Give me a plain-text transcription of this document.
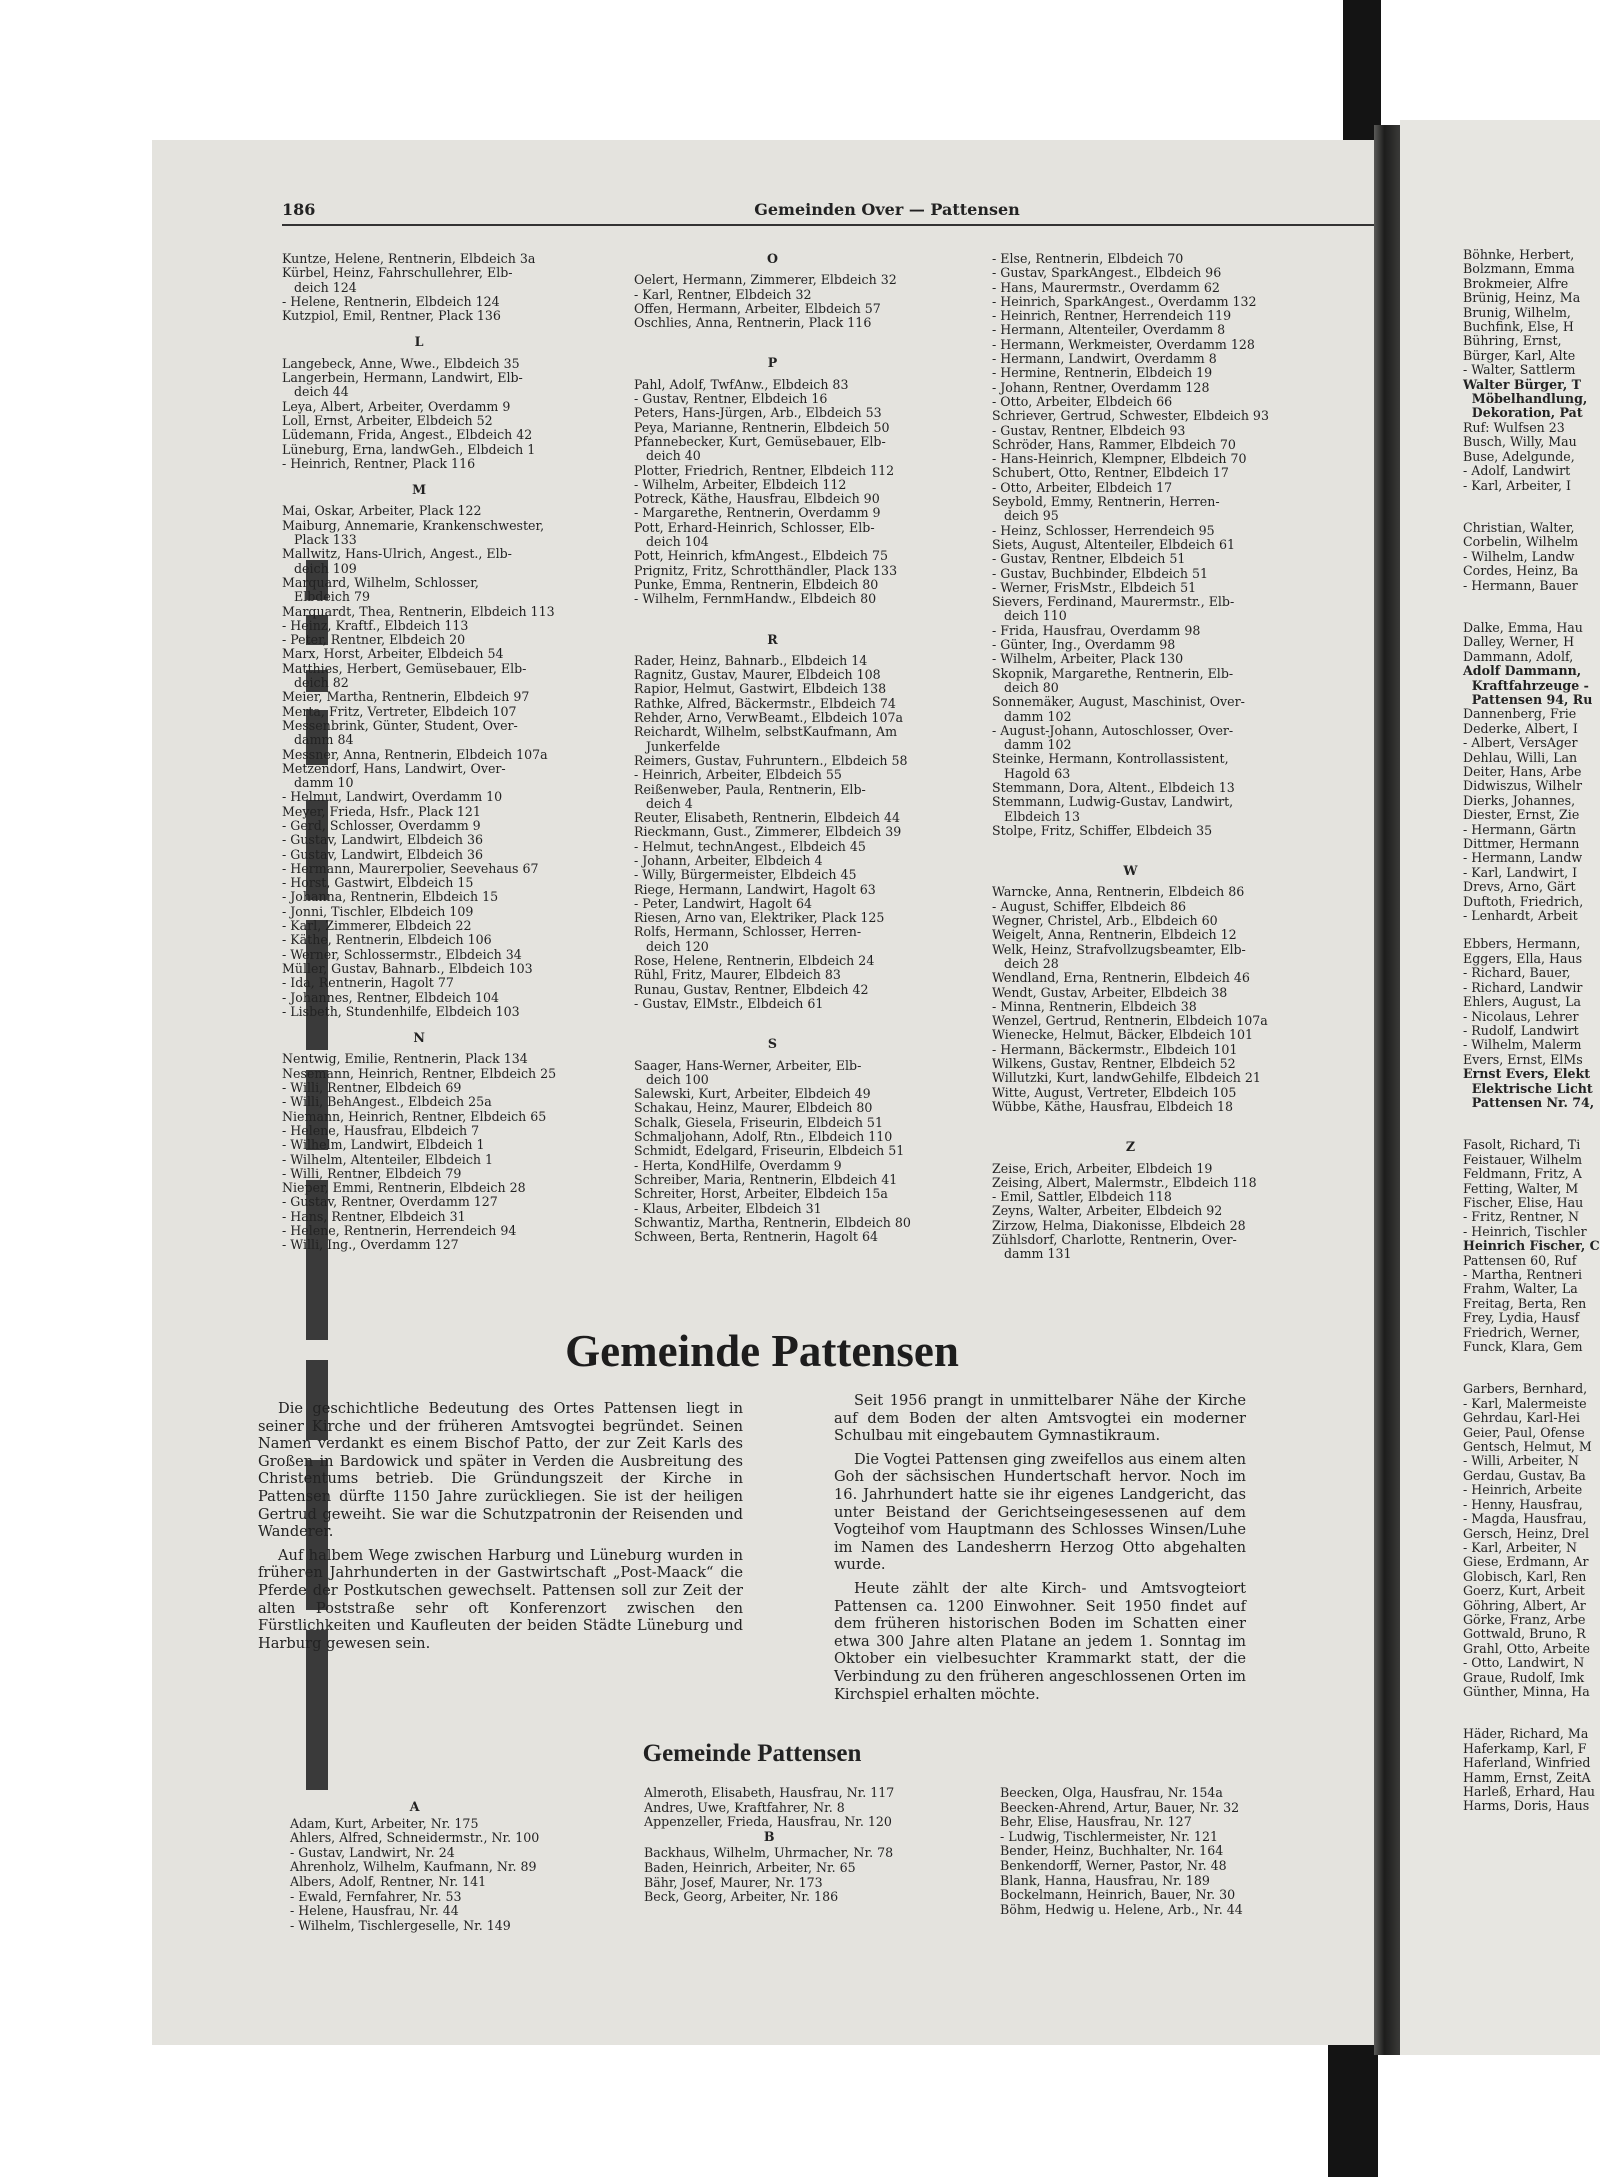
Böhnke, Herbert,
Bolzmann, Emma
Brokmeier, Alfre
Brünig, Heinz, Ma
Brunig, Wilhelm,
Buchfink, Else, H
Bühring, Ernst,
Bürger, Karl, Alte
- Walter, Sattlerm
Walter Bürger, T
Möbelhandlung,
Dekoration, Pat
Ruf: Wulfsen 23
Busch, Willy, Mau
Buse, Adelgunde,
- Adolf, Landwirt
- Karl, Arbeiter, I
Christian, Walter,
Corbelin, Wilhelm
- Wilhelm, Landw
Cordes, Heinz, Ba
- Hermann, Bauer
Dalke, Emma, Hau
Dalley, Werner, H
Dammann, Adolf,
Adolf Dammann,
Kraftfahrzeuge -
Pattensen 94, Ru
Dannenberg, Frie
Dederke, Albert, I
- Albert, VersAger
Dehlau, Willi, Lan
Deiter, Hans, Arbe
Didwiszus, Wilhelr
Dierks, Johannes,
Diester, Ernst, Zie
- Hermann, Gärtn
Dittmer, Hermann
- Hermann, Landw
- Karl, Landwirt, I
Drevs, Arno, Gärt
Duftoth, Friedrich,
- Lenhardt, Arbeit
Ebbers, Hermann,
Eggers, Ella, Haus
- Richard, Bauer,
- Richard, Landwir
Ehlers, August, La
- Nicolaus, Lehrer
- Rudolf, Landwirt
- Wilhelm, Malerm
Evers, Ernst, ElMs
Ernst Evers, Elekt
Elektrische Licht
Pattensen Nr. 74,
Fasolt, Richard, Ti
Feistauer, Wilhelm
Feldmann, Fritz, A
Fetting, Walter, M
Fischer, Elise, Hau
- Fritz, Rentner, N
- Heinrich, Tischler
Heinrich Fischer, C
Pattensen 60, Ruf
- Martha, Rentneri
Frahm, Walter, La
Freitag, Berta, Ren
Frey, Lydia, Hausf
Friedrich, Werner,
Funck, Klara, Gem
Garbers, Bernhard,
- Karl, Malermeiste
Gehrdau, Karl-Hei
Geier, Paul, Ofense
Gentsch, Helmut, M
- Willi, Arbeiter, N
Gerdau, Gustav, Ba
- Heinrich, Arbeite
- Henny, Hausfrau,
- Magda, Hausfrau,
Gersch, Heinz, Drel
- Karl, Arbeiter, N
Giese, Erdmann, Ar
Globisch, Karl, Ren
Goerz, Kurt, Arbeit
Göhring, Albert, Ar
Görke, Franz, Arbe
Gottwald, Bruno, R
Grahl, Otto, Arbeite
- Otto, Landwirt, N
Graue, Rudolf, Imk
Günther, Minna, Ha
Häder, Richard, Ma
Haferkamp, Karl, F
Haferland, Winfried
Hamm, Ernst, ZeitA
Harleß, Erhard, Hau
Harms, Doris, Haus
186	Gemeinden Over — Pattensen
Kuntze, Helene, Rentnerin, Elbdeich 3a
Kürbel, Heinz, Fahrschullehrer, Elb-
deich 124
- Helene, Rentnerin, Elbdeich 124
Kutzpiol, Emil, Rentner, Plack 136
L
Langebeck, Anne, Wwe., Elbdeich 35
Langerbein, Hermann, Landwirt, Elb-
deich 44
Leya, Albert, Arbeiter, Overdamm 9
Loll, Ernst, Arbeiter, Elbdeich 52
Lüdemann, Frida, Angest., Elbdeich 42
Lüneburg, Erna, landwGeh., Elbdeich 1
- Heinrich, Rentner, Plack 116
M
Mai, Oskar, Arbeiter, Plack 122
Maiburg, Annemarie, Krankenschwester,
Plack 133
Mallwitz, Hans-Ulrich, Angest., Elb-
deich 109
Marquard, Wilhelm, Schlosser,
Elbdeich 79
Marquardt, Thea, Rentnerin, Elbdeich 113
- Heinz, Kraftf., Elbdeich 113
- Peter, Rentner, Elbdeich 20
Marx, Horst, Arbeiter, Elbdeich 54
Matthies, Herbert, Gemüsebauer, Elb-
deich 82
Meier, Martha, Rentnerin, Elbdeich 97
Merta, Fritz, Vertreter, Elbdeich 107
Messenbrink, Günter, Student, Over-
damm 84
Messner, Anna, Rentnerin, Elbdeich 107a
Metzendorf, Hans, Landwirt, Over-
damm 10
- Helmut, Landwirt, Overdamm 10
Meyer, Frieda, Hsfr., Plack 121
- Gerd, Schlosser, Overdamm 9
- Gustav, Landwirt, Elbdeich 36
- Gustav, Landwirt, Elbdeich 36
- Hermann, Maurerpolier, Seevehaus 67
- Horst, Gastwirt, Elbdeich 15
- Johanna, Rentnerin, Elbdeich 15
- Jonni, Tischler, Elbdeich 109
- Karl, Zimmerer, Elbdeich 22
- Käthe, Rentnerin, Elbdeich 106
- Werner, Schlossermstr., Elbdeich 34
Müller, Gustav, Bahnarb., Elbdeich 103
- Ida, Rentnerin, Hagolt 77
- Johannes, Rentner, Elbdeich 104
- Lisbeth, Stundenhilfe, Elbdeich 103
N
Nentwig, Emilie, Rentnerin, Plack 134
Nesemann, Heinrich, Rentner, Elbdeich 25
- Willi, Rentner, Elbdeich 69
- Willi, BehAngest., Elbdeich 25a
Niemann, Heinrich, Rentner, Elbdeich 65
- Helene, Hausfrau, Elbdeich 7
- Wilhelm, Landwirt, Elbdeich 1
- Wilhelm, Altenteiler, Elbdeich 1
- Willi, Rentner, Elbdeich 79
Nieper, Emmi, Rentnerin, Elbdeich 28
- Gustav, Rentner, Overdamm 127
- Hans, Rentner, Elbdeich 31
- Helene, Rentnerin, Herrendeich 94
- Willi, Ing., Overdamm 127
O
Oelert, Hermann, Zimmerer, Elbdeich 32
- Karl, Rentner, Elbdeich 32
Offen, Hermann, Arbeiter, Elbdeich 57
Oschlies, Anna, Rentnerin, Plack 116
P
Pahl, Adolf, TwfAnw., Elbdeich 83
- Gustav, Rentner, Elbdeich 16
Peters, Hans-Jürgen, Arb., Elbdeich 53
Peya, Marianne, Rentnerin, Elbdeich 50
Pfannebecker, Kurt, Gemüsebauer, Elb-
deich 40
Plotter, Friedrich, Rentner, Elbdeich 112
- Wilhelm, Arbeiter, Elbdeich 112
Potreck, Käthe, Hausfrau, Elbdeich 90
- Margarethe, Rentnerin, Overdamm 9
Pott, Erhard-Heinrich, Schlosser, Elb-
deich 104
Pott, Heinrich, kfmAngest., Elbdeich 75
Prignitz, Fritz, Schrotthändler, Plack 133
Punke, Emma, Rentnerin, Elbdeich 80
- Wilhelm, FernmHandw., Elbdeich 80
R
Rader, Heinz, Bahnarb., Elbdeich 14
Ragnitz, Gustav, Maurer, Elbdeich 108
Rapior, Helmut, Gastwirt, Elbdeich 138
Rathke, Alfred, Bäckermstr., Elbdeich 74
Rehder, Arno, VerwBeamt., Elbdeich 107a
Reichardt, Wilhelm, selbstKaufmann, Am
Junkerfelde
Reimers, Gustav, Fuhruntern., Elbdeich 58
- Heinrich, Arbeiter, Elbdeich 55
Reißenweber, Paula, Rentnerin, Elb-
deich 4
Reuter, Elisabeth, Rentnerin, Elbdeich 44
Rieckmann, Gust., Zimmerer, Elbdeich 39
- Helmut, technAngest., Elbdeich 45
- Johann, Arbeiter, Elbdeich 4
- Willy, Bürgermeister, Elbdeich 45
Riege, Hermann, Landwirt, Hagolt 63
- Peter, Landwirt, Hagolt 64
Riesen, Arno van, Elektriker, Plack 125
Rolfs, Hermann, Schlosser, Herren-
deich 120
Rose, Helene, Rentnerin, Elbdeich 24
Rühl, Fritz, Maurer, Elbdeich 83
Runau, Gustav, Rentner, Elbdeich 42
- Gustav, ElMstr., Elbdeich 61
S
Saager, Hans-Werner, Arbeiter, Elb-
deich 100
Salewski, Kurt, Arbeiter, Elbdeich 49
Schakau, Heinz, Maurer, Elbdeich 80
Schalk, Giesela, Friseurin, Elbdeich 51
Schmaljohann, Adolf, Rtn., Elbdeich 110
Schmidt, Edelgard, Friseurin, Elbdeich 51
- Herta, KondHilfe, Overdamm 9
Schreiber, Maria, Rentnerin, Elbdeich 41
Schreiter, Horst, Arbeiter, Elbdeich 15a
- Klaus, Arbeiter, Elbdeich 31
Schwantiz, Martha, Rentnerin, Elbdeich 80
Schween, Berta, Rentnerin, Hagolt 64
- Else, Rentnerin, Elbdeich 70
- Gustav, SparkAngest., Elbdeich 96
- Hans, Maurermstr., Overdamm 62
- Heinrich, SparkAngest., Overdamm 132
- Heinrich, Rentner, Herrendeich 119
- Hermann, Altenteiler, Overdamm 8
- Hermann, Werkmeister, Overdamm 128
- Hermann, Landwirt, Overdamm 8
- Hermine, Rentnerin, Elbdeich 19
- Johann, Rentner, Overdamm 128
- Otto, Arbeiter, Elbdeich 66
Schriever, Gertrud, Schwester, Elbdeich 93
- Gustav, Rentner, Elbdeich 93
Schröder, Hans, Rammer, Elbdeich 70
- Hans-Heinrich, Klempner, Elbdeich 70
Schubert, Otto, Rentner, Elbdeich 17
- Otto, Arbeiter, Elbdeich 17
Seybold, Emmy, Rentnerin, Herren-
deich 95
- Heinz, Schlosser, Herrendeich 95
Siets, August, Altenteiler, Elbdeich 61
- Gustav, Rentner, Elbdeich 51
- Gustav, Buchbinder, Elbdeich 51
- Werner, FrisMstr., Elbdeich 51
Sievers, Ferdinand, Maurermstr., Elb-
deich 110
- Frida, Hausfrau, Overdamm 98
- Günter, Ing., Overdamm 98
- Wilhelm, Arbeiter, Plack 130
Skopnik, Margarethe, Rentnerin, Elb-
deich 80
Sonnemäker, August, Maschinist, Over-
damm 102
- August-Johann, Autoschlosser, Over-
damm 102
Steinke, Hermann, Kontrollassistent,
Hagold 63
Stemmann, Dora, Altent., Elbdeich 13
Stemmann, Ludwig-Gustav, Landwirt,
Elbdeich 13
Stolpe, Fritz, Schiffer, Elbdeich 35
W
Warncke, Anna, Rentnerin, Elbdeich 86
- August, Schiffer, Elbdeich 86
Wegner, Christel, Arb., Elbdeich 60
Weigelt, Anna, Rentnerin, Elbdeich 12
Welk, Heinz, Strafvollzugsbeamter, Elb-
deich 28
Wendland, Erna, Rentnerin, Elbdeich 46
Wendt, Gustav, Arbeiter, Elbdeich 38
- Minna, Rentnerin, Elbdeich 38
Wenzel, Gertrud, Rentnerin, Elbdeich 107a
Wienecke, Helmut, Bäcker, Elbdeich 101
- Hermann, Bäckermstr., Elbdeich 101
Wilkens, Gustav, Rentner, Elbdeich 52
Willutzki, Kurt, landwGehilfe, Elbdeich 21
Witte, August, Vertreter, Elbdeich 105
Wübbe, Käthe, Hausfrau, Elbdeich 18
Z
Zeise, Erich, Arbeiter, Elbdeich 19
Zeising, Albert, Malermstr., Elbdeich 118
- Emil, Sattler, Elbdeich 118
Zeyns, Walter, Arbeiter, Elbdeich 92
Zirzow, Helma, Diakonisse, Elbdeich 28
Zühlsdorf, Charlotte, Rentnerin, Over-
damm 131
Gemeinde Pattensen

Die geschichtliche Bedeutung des Ortes Pattensen liegt in seiner Kirche und der früheren Amtsvogtei begründet. Seinen Namen verdankt es einem Bischof Patto, der zur Zeit Karls des Großen in Bardowick und später in Verden die Ausbreitung des Christentums betrieb. Die Gründungszeit der Kirche in Pattensen dürfte 1150 Jahre zurückliegen. Sie ist der heiligen Gertrud geweiht. Sie war die Schutzpatronin der Reisenden und Wanderer.

Auf halbem Wege zwischen Harburg und Lüneburg wurden in früheren Jahrhunderten in der Gastwirtschaft „Post-Maack“ die Pferde der Postkutschen gewechselt. Pattensen soll zur Zeit der alten Poststraße sehr oft Konferenzort zwischen den Fürstlichkeiten und Kaufleuten der beiden Städte Lüneburg und Harburg gewesen sein.

Seit 1956 prangt in unmittelbarer Nähe der Kirche auf dem Boden der alten Amtsvogtei ein moderner Schulbau mit eingebautem Gymnastikraum.

Die Vogtei Pattensen ging zweifellos aus einem alten Goh der sächsischen Hundertschaft hervor. Noch im 16. Jahrhundert hatte sie ihr eigenes Landgericht, das unter Beistand der Gerichtseingesessenen auf dem Vogteihof vom Hauptmann des Schlosses Winsen/Luhe im Namen des Landesherrn Herzog Otto abgehalten wurde.

Heute zählt der alte Kirch- und Amtsvogteiort Pattensen ca. 1200 Einwohner. Seit 1950 findet auf dem früheren historischen Boden im Schatten einer etwa 300 Jahre alten Platane an jedem 1. Sonntag im Oktober ein vielbesuchter Krammarkt statt, der die Verbindung zu den früheren angeschlossenen Orten im Kirchspiel erhalten möchte.

Gemeinde Pattensen
A
Adam, Kurt, Arbeiter, Nr. 175
Ahlers, Alfred, Schneidermstr., Nr. 100
- Gustav, Landwirt, Nr. 24
Ahrenholz, Wilhelm, Kaufmann, Nr. 89
Albers, Adolf, Rentner, Nr. 141
- Ewald, Fernfahrer, Nr. 53
- Helene, Hausfrau, Nr. 44
- Wilhelm, Tischlergeselle, Nr. 149
Almeroth, Elisabeth, Hausfrau, Nr. 117
Andres, Uwe, Kraftfahrer, Nr. 8
Appenzeller, Frieda, Hausfrau, Nr. 120
B
Backhaus, Wilhelm, Uhrmacher, Nr. 78
Baden, Heinrich, Arbeiter, Nr. 65
Bähr, Josef, Maurer, Nr. 173
Beck, Georg, Arbeiter, Nr. 186
Beecken, Olga, Hausfrau, Nr. 154a
Beecken-Ahrend, Artur, Bauer, Nr. 32
Behr, Elise, Hausfrau, Nr. 127
- Ludwig, Tischlermeister, Nr. 121
Bender, Heinz, Buchhalter, Nr. 164
Benkendorff, Werner, Pastor, Nr. 48
Blank, Hanna, Hausfrau, Nr. 189
Bockelmann, Heinrich, Bauer, Nr. 30
Böhm, Hedwig u. Helene, Arb., Nr. 44
